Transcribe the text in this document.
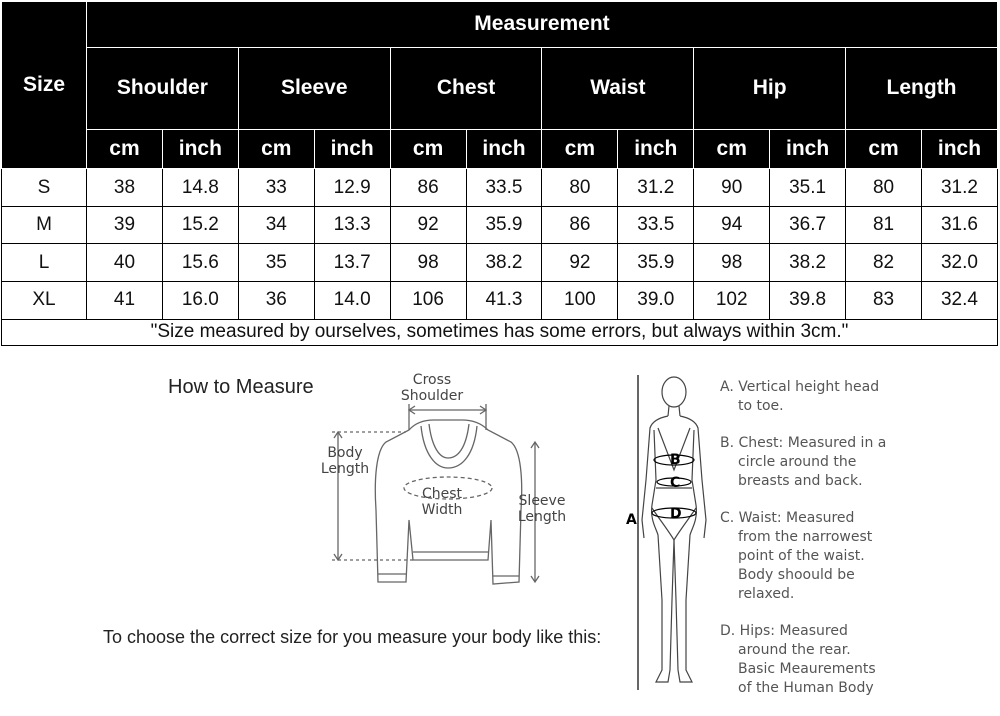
Size	Measurement											
	Shoulder		Sleeve		Chest		Waist		Hip		Length	
	cm	inch	cm	inch	cm	inch	cm	inch	cm	inch	cm	inch
S	38	14.8	33	12.9	86	33.5	80	31.2	90	35.1	80	31.2
M	39	15.2	34	13.3	92	35.9	86	33.5	94	36.7	81	31.6
L	40	15.6	35	13.7	98	38.2	92	35.9	98	38.2	82	32.0
XL	41	16.0	36	14.0	106	41.3	100	39.0	102	39.8	83	32.4
"Size measured by ourselves, sometimes has some errors, but always within 3cm."												
How to Measure	Cross
Shoulder
Body
Length
Chest
Width
Sleeve
Length
To choose the correct size for you measure your body like this:
B
C
D
A
A. Vertical height head
to toe.
B. Chest: Measured in a
circle around the
breasts and back.
C. Waist: Measured
from the narrowest
point of the waist.
Body shoould be
relaxed.
D. Hips: Measured
around the rear.
Basic Meaurements
of the Human Body
